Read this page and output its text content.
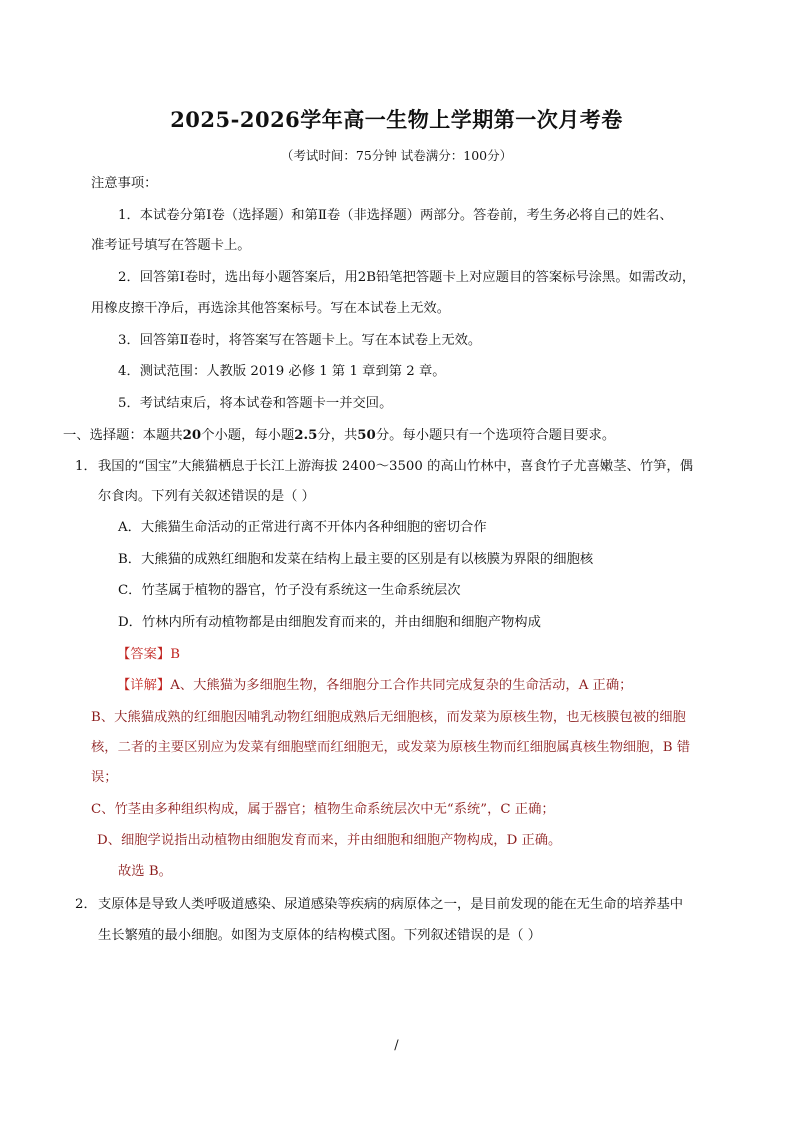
2025-2026学年高一生物上学期第一次月考卷
（考试时间：75分钟 试卷满分：100分）
注意事项：
1．本试卷分第Ⅰ卷（选择题）和第Ⅱ卷（非选择题）两部分。答卷前，考生务必将自己的姓名、
准考证号填写在答题卡上。
2．回答第Ⅰ卷时，选出每小题答案后，用2B铅笔把答题卡上对应题目的答案标号涂黑。如需改动，
用橡皮擦干净后，再选涂其他答案标号。写在本试卷上无效。
3．回答第Ⅱ卷时，将答案写在答题卡上。写在本试卷上无效。
4．测试范围：人教版 2019 必修 1 第 1 章到第 2 章。
5．考试结束后，将本试卷和答题卡一并交回。
一、选择题：本题共20个小题，每小题2.5分，共50分。每小题只有一个选项符合题目要求。
1． 我国的“国宝”大熊猫栖息于长江上游海拔 2400～3500 的高山竹林中，喜食竹子尤喜嫩茎、竹笋，偶
尔食肉。下列有关叙述错误的是（ ）
A．大熊猫生命活动的正常进行离不开体内各种细胞的密切合作
B．大熊猫的成熟红细胞和发菜在结构上最主要的区别是有以核膜为界限的细胞核
C．竹茎属于植物的器官，竹子没有系统这一生命系统层次
D．竹林内所有动植物都是由细胞发育而来的，并由细胞和细胞产物构成
【答案】B
【详解】A、大熊猫为多细胞生物，各细胞分工合作共同完成复杂的生命活动，A 正确；
B、大熊猫成熟的红细胞因哺乳动物红细胞成熟后无细胞核，而发菜为原核生物，也无核膜包被的细胞
核，二者的主要区别应为发菜有细胞壁而红细胞无，或发菜为原核生物而红细胞属真核生物细胞，B 错
误；
C、竹茎由多种组织构成，属于器官；植物生命系统层次中无“系统”，C 正确；
D、细胞学说指出动植物由细胞发育而来，并由细胞和细胞产物构成，D 正确。
故选 B。
2． 支原体是导致人类呼吸道感染、尿道感染等疾病的病原体之一，是目前发现的能在无生命的培养基中
生长繁殖的最小细胞。如图为支原体的结构模式图。下列叙述错误的是（ ）
/
